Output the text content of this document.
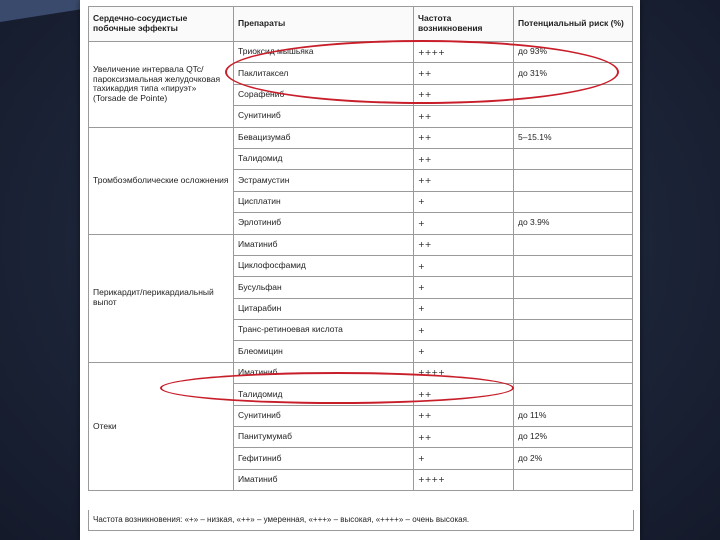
Сердечно-сосудистые побочные эффекты	Препараты	Частота возникновения	Потенциальный риск (%)
Увеличение интервала QTc/пароксизмальная желудочковая тахикардия типа «пируэт» (Torsade de Pointe)	Триоксид мышьяка	++++	до 93%
	Паклитаксел	++	до 31%
	Сорафениб	++	
	Сунитиниб	++	
Тромбоэмболические осложнения	Бевацизумаб	++	5–15.1%
	Талидомид	++	
	Эстрамустин	++	
	Цисплатин	+	
	Эрлотиниб	+	до 3.9%
Перикардит/перикардиальный выпот	Иматиниб	++	
	Циклофосфамид	+	
	Бусульфан	+	
	Цитарабин	+	
	Транс-ретиноевая кислота	+	
	Блеомицин	+	
Отеки	Иматиниб	++++	
	Талидомид	++	
	Сунитиниб	++	до 11%
	Панитумумаб	++	до 12%
	Гефитиниб	+	до 2%
	Иматиниб	++++	
Частота возникновения: «+» – низкая, «++» – умеренная, «+++» – высокая, «++++» – очень высокая.
